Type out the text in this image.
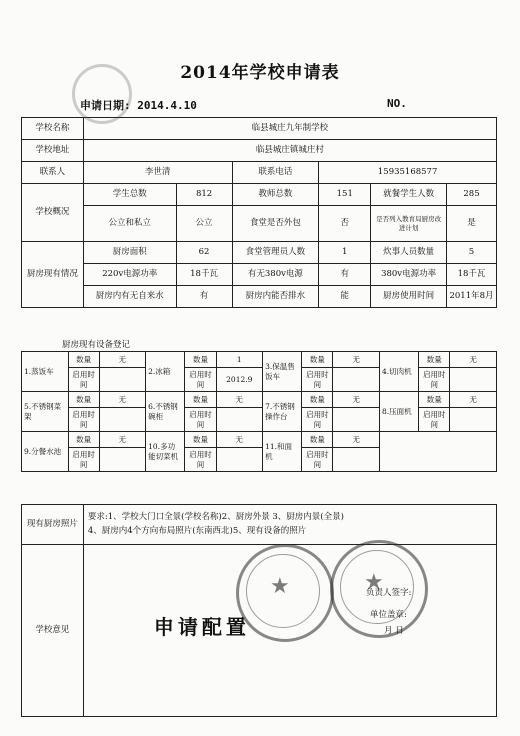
2014年学校申请表
申请日期: 2014.4.10	NO.
学校名称	临县城庄九年制学校					
学校地址	临县城庄镇城庄村					
联系人	李世清		联系电话	15935168577		
学校概况	学生总数	812	教师总数	151	就餐学生人数	285
	公立和私立	公立	食堂是否外包	否	是否列入教育局厨房改进计划	是
厨房现有情况	厨房面积	62	食堂管理员人数	1	炊事人员数量	5
	220v电源功率	18千瓦	有无380v电源	有	380v电源功率	18千瓦
	厨房内有无自来水	有	厨房内能否排水	能	厨房使用时间	2011年8月
厨房现有设备登记
1.蒸饭车	数量	无	2.冰箱	数量	1	3.保温售饭车	数量	无	4.切肉机	数量	无
	启用时间			启用时间	2012.9		启用时间			启用时间	
5.不锈钢菜架	数量	无	6.不锈钢碗柜	数量	无	7.不锈钢操作台	数量	无	8.压面机	数量	无
	启用时间			启用时间			启用时间			启用时间	
9.分餐水池	数量	无	10.多功能切菜机	数量	无	11.和面机	数量	无			
	启用时间			启用时间			启用时间				
现有厨房照片	要求:1、学校大门口全景(学校名称)2、厨房外景 3、厨房内景(全景)
4、厨房内4个方向布局照片(东南西北)5、现有设备的照片

学校意见	申请配置
★	★
负责人签字:
单位盖章:
月 日
